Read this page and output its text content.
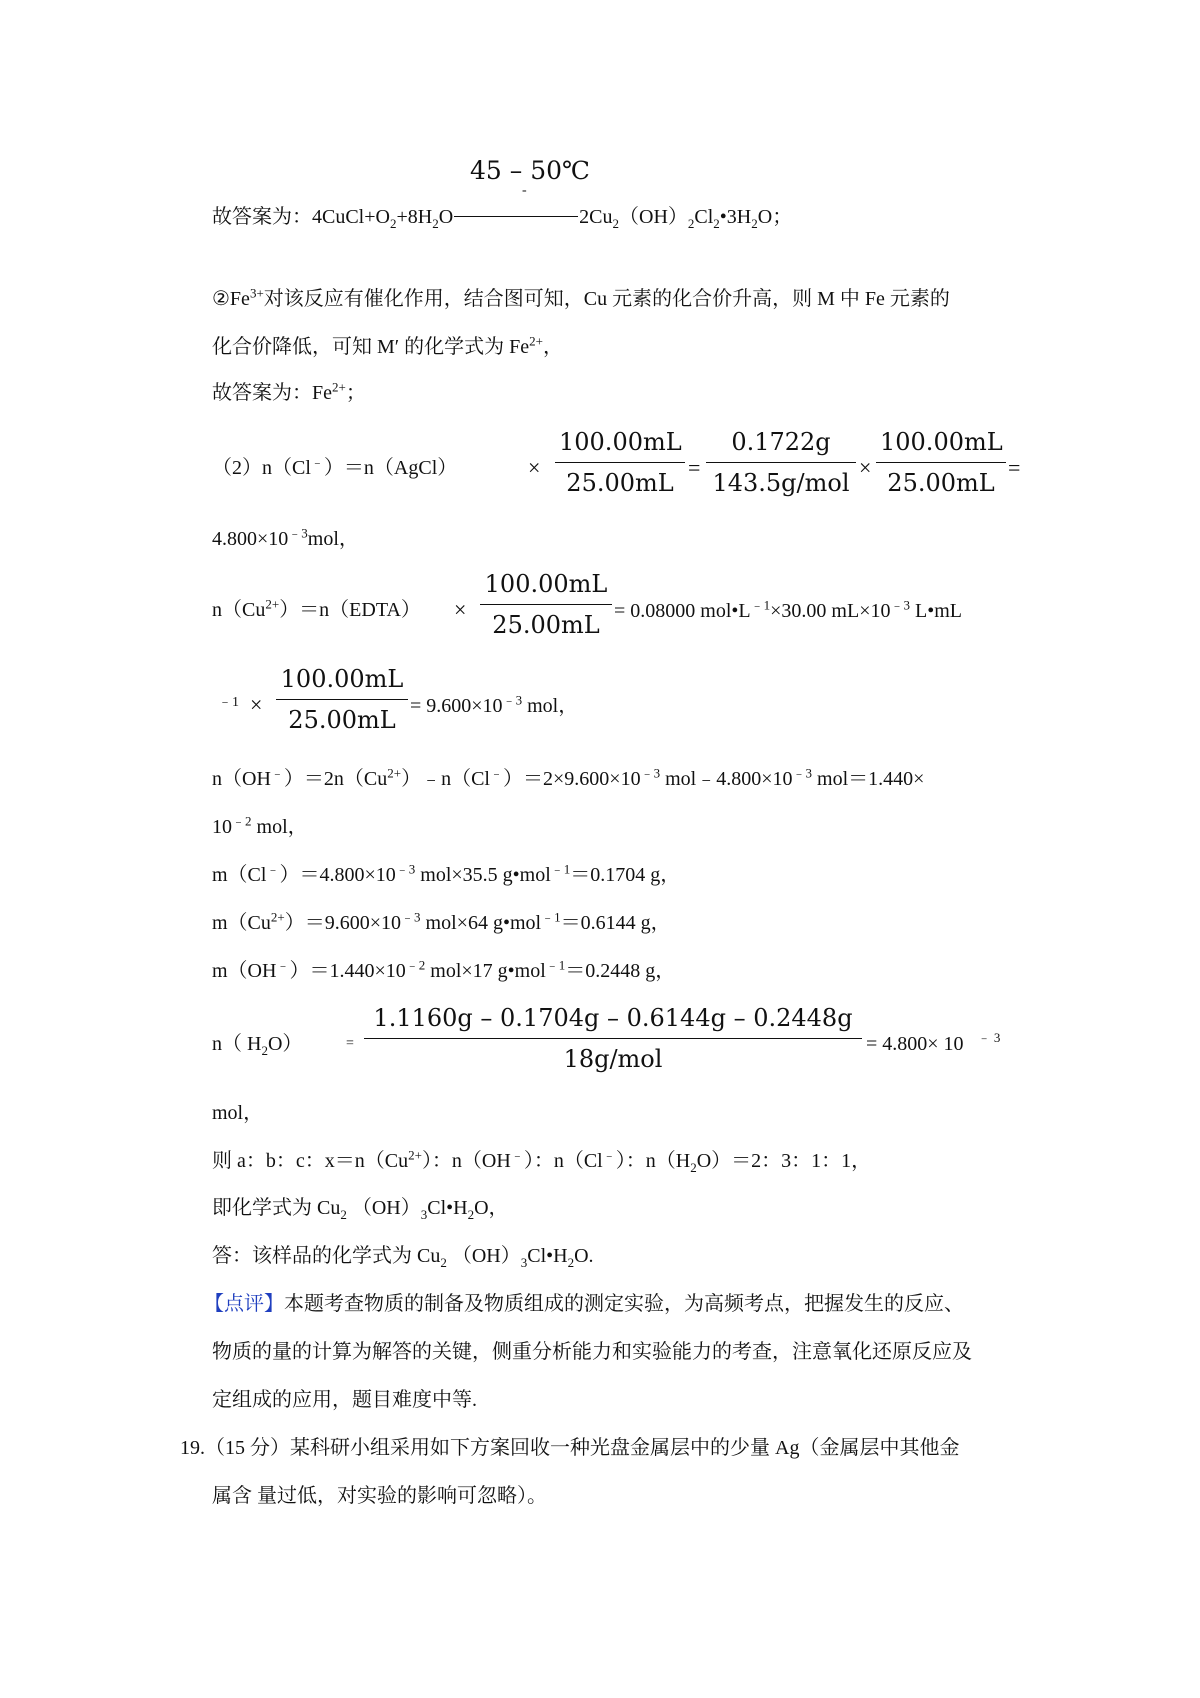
45 – 50℃
-
故答案为：$4CuCl+O_2+8H_2O$	$2Cu_2(OH)_2Cl_2•3H_2O$；
$②Fe^{3+}$对该反应有催化作用，结合图可知，Cu 元素的化合价升高，则 M 中 Fe 元素的
化合价降低，可知 M′ 的化学式为 $Fe^{2+}$，
故答案为：$Fe^{2+}$；
（2）n（Cl﹣）＝n（AgCl）	× $\frac{100.00mL}{25.00mL}$ =
0.1722g
143.5g/mol
× $\frac{100.00mL}{25.00mL}$ =
$4.800\times 10^{﹣3}mol$，
$n(Cu^{2+})=n(EDTA) \times \frac{100.00mL}{25.00mL} = 0.08000$ $mol•L^{﹣1}\times 30.00$ $mL\times 10^{﹣3}$ L•mL
﹣1 × $\frac{100.00mL}{25.00mL} = 9.600\times 10^{﹣3}$ mol，
$n(OH^﹣)=2n(Cu^{2+})﹣n(Cl^﹣)=2\times 9.600\times 10^{﹣3}$ $mol﹣4.800\times 10^{﹣3}$ mol＝1.440×
$10^{﹣2}$ mol，
$m(Cl^﹣)=4.800\times 10^{﹣3}$ mol×35.5 g•mol$^{﹣1}$＝0.1704 g，
$m(Cu^{2+})=9.600\times 10^{﹣3}$ mol×64 g•mol$^{﹣1}$＝0.6144 g，
$m(OH^﹣)=1.440\times 10^{﹣2}$ mol×17 g•mol$^{﹣1}$＝0.2448 g，
n（ $H_2O$）	=
1.1160g – 0.1704g – 0.6144g – 0.2448g
18g/mol
= 4.800× 10 $^{﹣ 3}$
mol，
则 a：b：c：$x=n(Cu^{2+})$：n（OH﹣）：n（Cl﹣）：$n(H_2O)=2$：3：1：1，
即化学式为 $Cu_2$ $(OH)_3Cl•H_2O$，
答：该样品的化学式为 $Cu_2$ $(OH)_3Cl•H_2O$.
【点评】本题考查物质的制备及物质组成的测定实验，为高频考点，把握发生的反应、
物质的量的计算为解答的关键，侧重分析能力和实验能力的考查，注意氧化还原反应及
定组成的应用，题目难度中等.
19.（15 分）某科研小组采用如下方案回收一种光盘金属层中的少量 Ag（金属层中其他金
属含 量过低，对实验的影响可忽略）。
